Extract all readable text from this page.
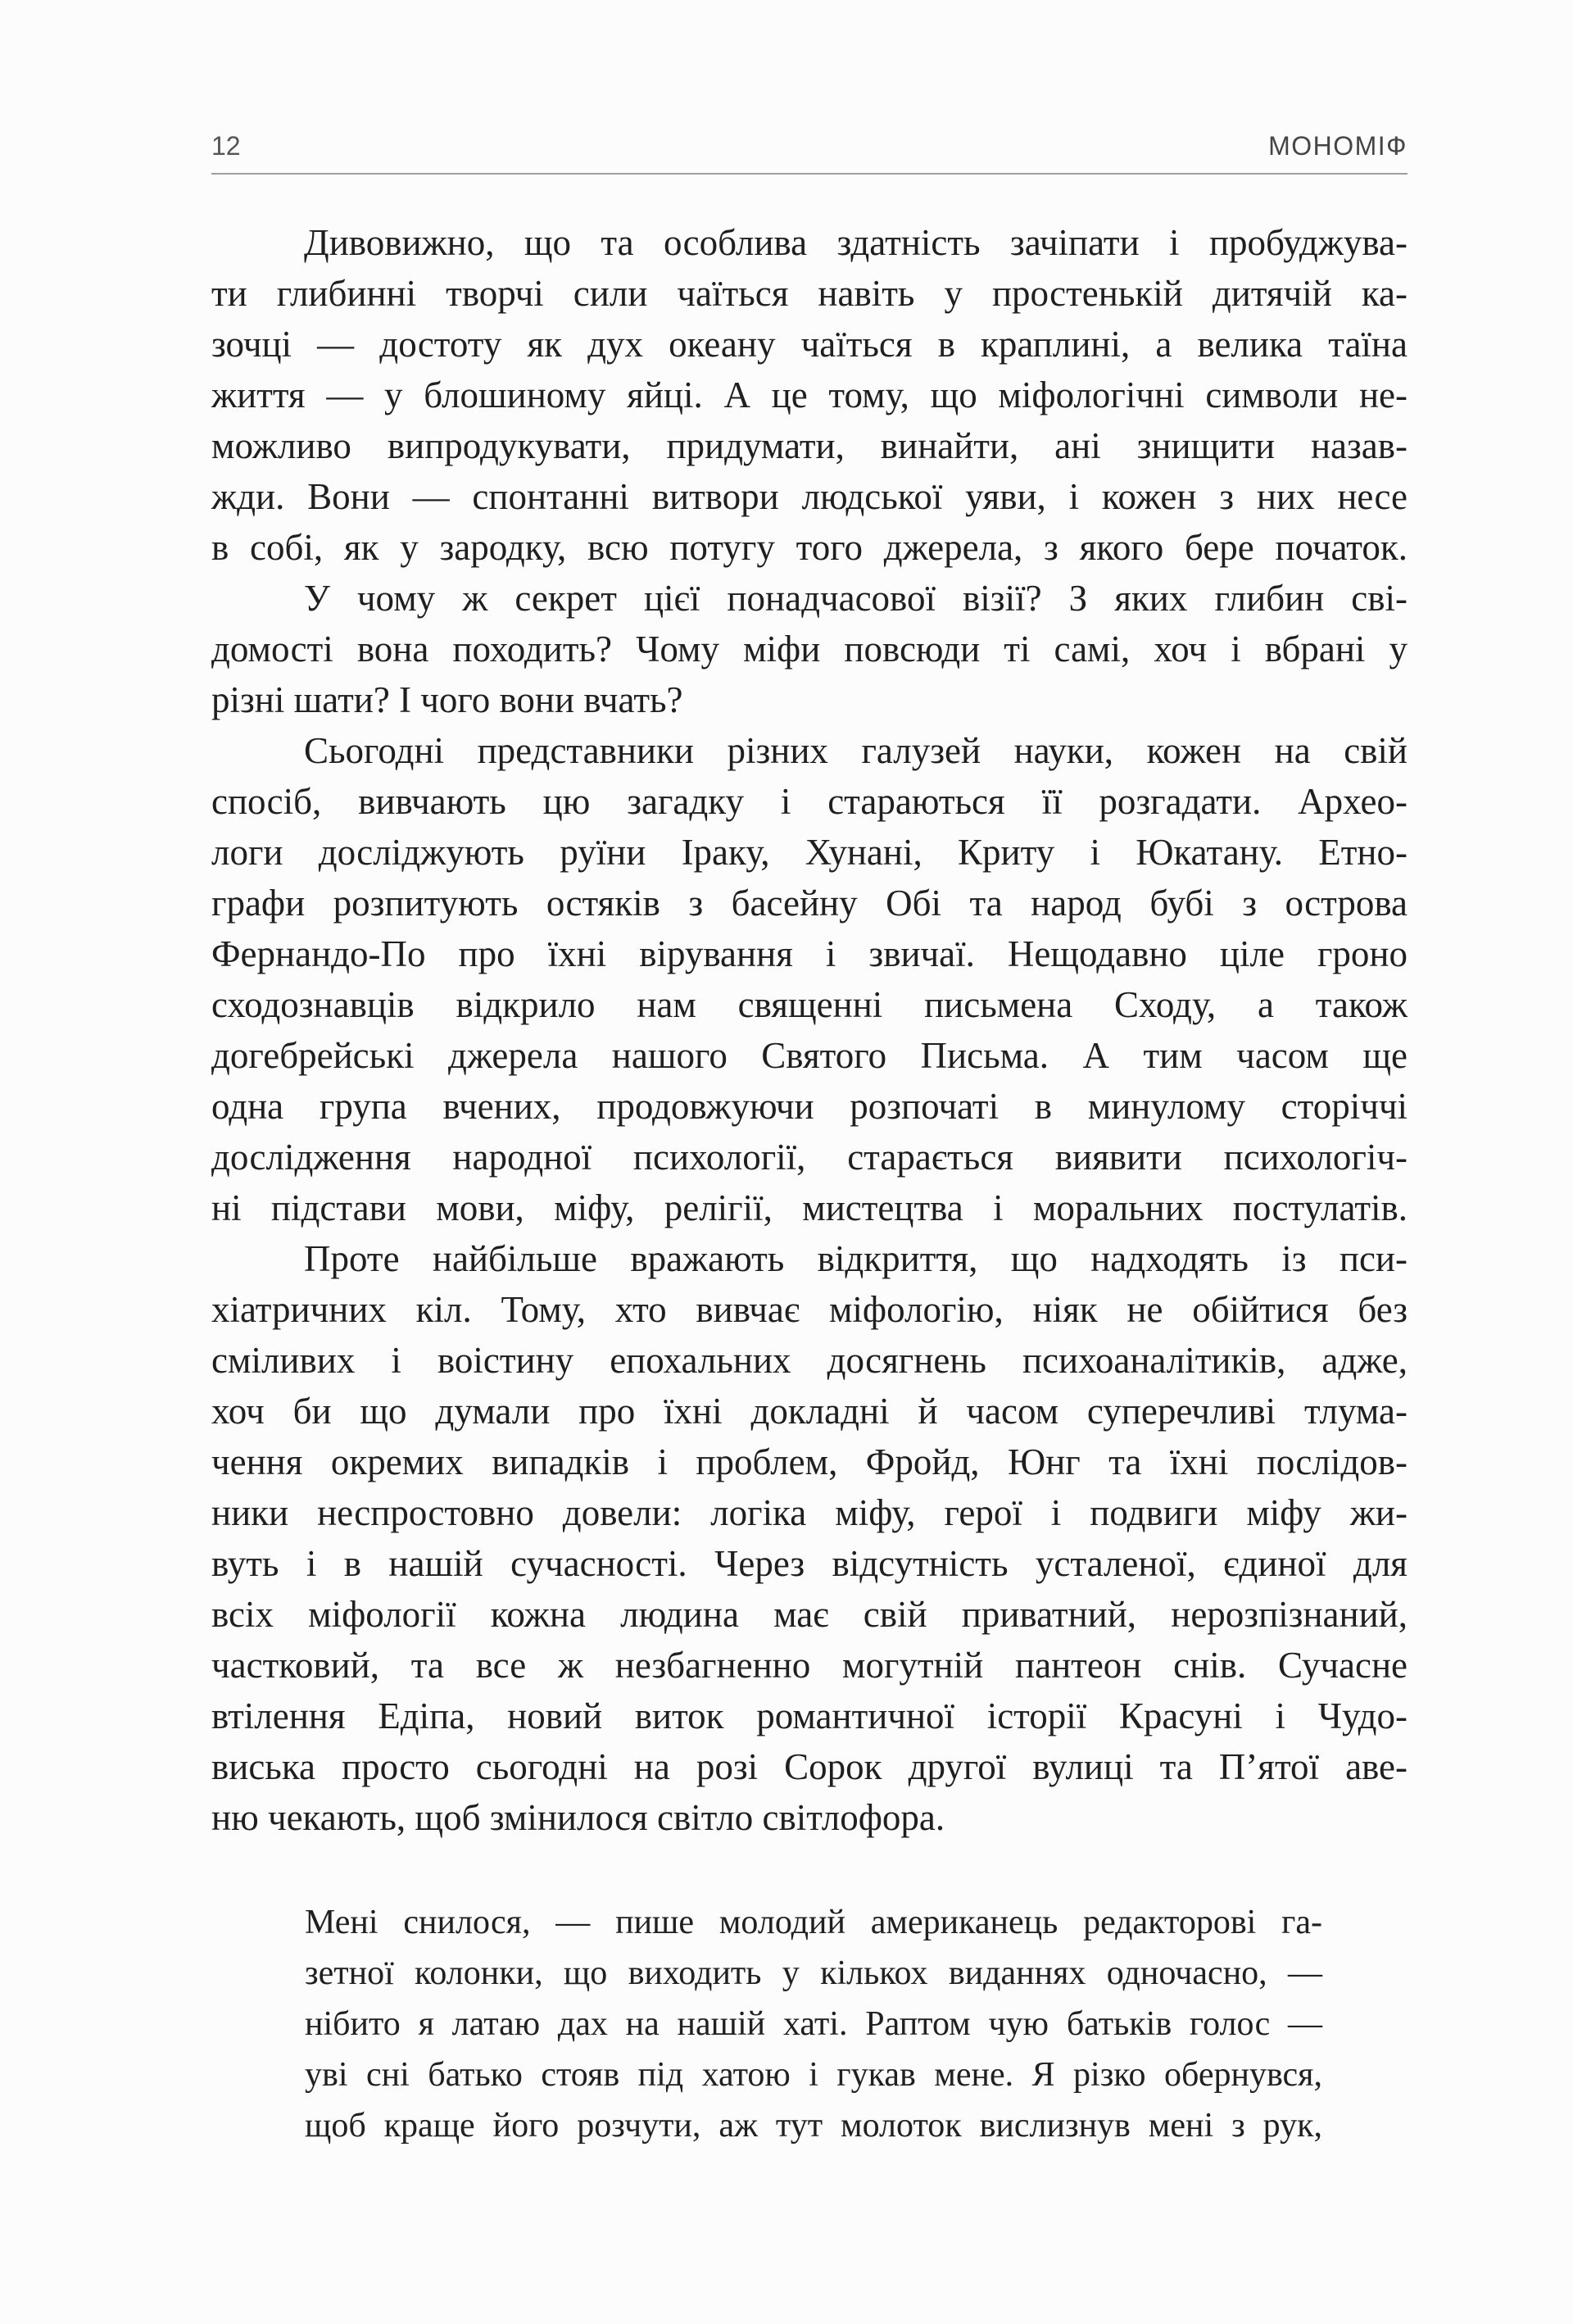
12	МОНОМІФ
Дивовижно, що та особлива здатність зачіпати і пробуджува-
ти глибинні творчі сили чаїться навіть у простенькій дитячій ка-
зочці — достоту як дух океану чаїться в краплині, а велика таїна
життя — у блошиному яйці. А це тому, що міфологічні символи не-
можливо випродукувати, придумати, винайти, ані знищити назав-
жди. Вони — спонтанні витвори людської уяви, і кожен з них несе
в собі, як у зародку, всю потугу того джерела, з якого бере початок.
У чому ж секрет цієї понадчасової візії? З яких глибин сві-
домості вона походить? Чому міфи повсюди ті самі, хоч і вбрані у
різні шати? І чого вони вчать?
Сьогодні представники різних галузей науки, кожен на свій
спосіб, вивчають цю загадку і стараються її розгадати. Архео-
логи досліджують руїни Іраку, Хунані, Криту і Юкатану. Етно-
графи розпитують остяків з басейну Обі та народ бубі з острова
Фернандо-По про їхні вірування і звичаї. Нещодавно ціле гроно
сходознавців відкрило нам священні письмена Сходу, а також
догебрейські джерела нашого Святого Письма. А тим часом ще
одна група вчених, продовжуючи розпочаті в минулому сторіччі
дослідження народної психології, старається виявити психологіч-
ні підстави мови, міфу, релігії, мистецтва і моральних постулатів.
Проте найбільше вражають відкриття, що надходять із пси-
хіатричних кіл. Тому, хто вивчає міфологію, ніяк не обійтися без
сміливих і воістину епохальних досягнень психоаналітиків, адже,
хоч би що думали про їхні докладні й часом суперечливі тлума-
чення окремих випадків і проблем, Фройд, Юнг та їхні послідов-
ники неспростовно довели: логіка міфу, герої і подвиги міфу жи-
вуть і в нашій сучасності. Через відсутність усталеної, єдиної для
всіх міфології кожна людина має свій приватний, нерозпізнаний,
частковий, та все ж незбагненно могутній пантеон снів. Сучасне
втілення Едіпа, новий виток романтичної історії Красуні і Чудо-
виська просто сьогодні на розі Сорок другої вулиці та П’ятої аве-
ню чекають, щоб змінилося світло світлофора.
Мені снилося, — пише молодий американець редакторові га-
зетної колонки, що виходить у кількох виданнях одночасно, —
нібито я латаю дах на нашій хаті. Раптом чую батьків голос —
уві сні батько стояв під хатою і гукав мене. Я різко обернувся,
щоб краще його розчути, аж тут молоток вислизнув мені з рук,
